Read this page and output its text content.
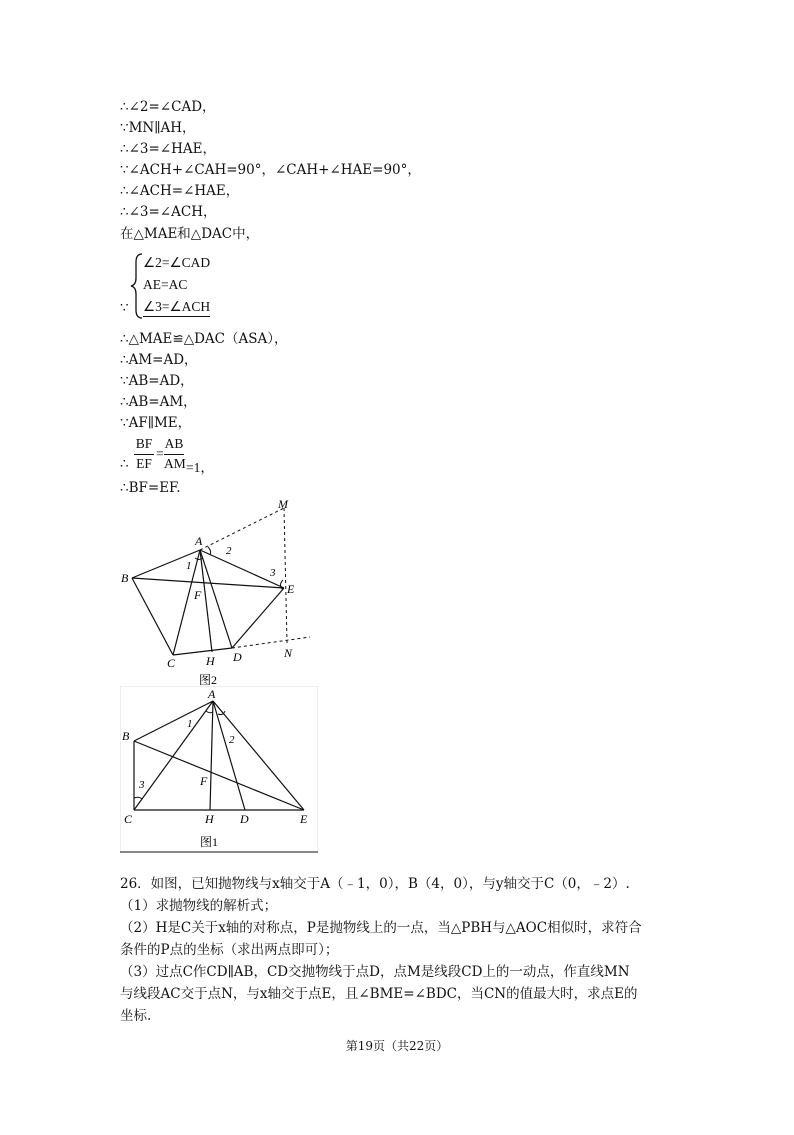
∴∠2=∠CAD，
∵MN∥AH，
∴∠3=∠HAE，
∵∠ACH+∠CAH=90°，∠CAH+∠HAE=90°，
∴∠ACH=∠HAE，
∴∠3=∠ACH，
在△MAE和△DAC中，
∵
∠2=∠CAD
AE=AC
∠3=∠ACH
∴△MAE≌△DAC（ASA），
∴AM=AD，
∵AB=AD，
∴AB=AM，
∵AF∥ME，
∴
BF
EF
=
AB
AM =1，
∴BF=EF.
A
B
C	D
E
F
H
M
N
1
2
3
图2
A
B
C	D	E
F
H
1
2
3
图1
26．如图，已知抛物线与x轴交于A（﹣1，0），B（4，0），与y轴交于C（0，﹣2）.
（1）求抛物线的解析式；
（2）H是C关于x轴的对称点，P是抛物线上的一点，当△PBH与△AOC相似时，求符合
条件的P点的坐标（求出两点即可）；
（3）过点C作CD∥AB，CD交抛物线于点D，点M是线段CD上的一动点，作直线MN
与线段AC交于点N，与x轴交于点E，且∠BME=∠BDC，当CN的值最大时，求点E的
坐标.
第19页（共22页）
